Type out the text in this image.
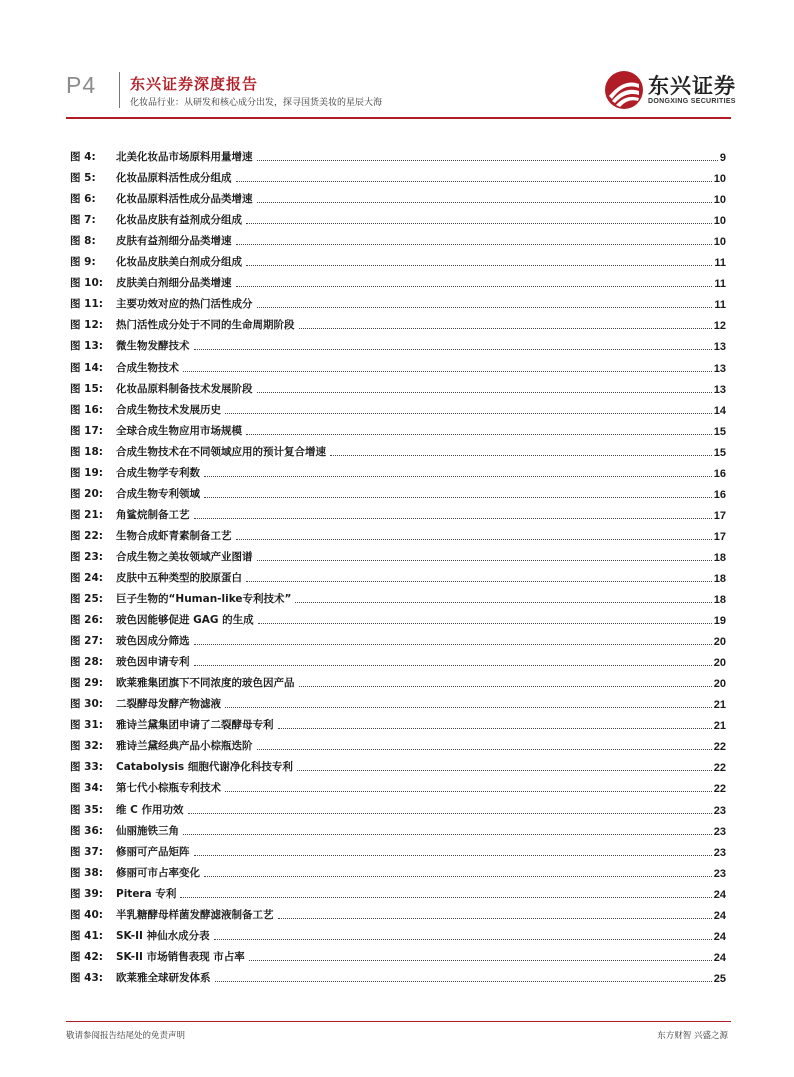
P4 东兴证券深度报告
化妆品行业：从研发和核心成分出发，探寻国货美妆的星辰大海
东兴证券
DONGXING SECURITIES
图 4:	北美化妆品市场原料用量增速	9
图 5:	化妆品原料活性成分组成	10
图 6:	化妆品原料活性成分品类增速	10
图 7:	化妆品皮肤有益剂成分组成	10
图 8:	皮肤有益剂细分品类增速	10
图 9:	化妆品皮肤美白剂成分组成	11
图 10:	皮肤美白剂细分品类增速	11
图 11:	主要功效对应的热门活性成分	11
图 12:	热门活性成分处于不同的生命周期阶段	12
图 13:	微生物发酵技术	13
图 14:	合成生物技术	13
图 15:	化妆品原料制备技术发展阶段	13
图 16:	合成生物技术发展历史	14
图 17:	全球合成生物应用市场规模	15
图 18:	合成生物技术在不同领域应用的预计复合增速	15
图 19:	合成生物学专利数	16
图 20:	合成生物专利领域	16
图 21:	角鲨烷制备工艺	17
图 22:	生物合成虾青素制备工艺	17
图 23:	合成生物之美妆领域产业图谱	18
图 24:	皮肤中五种类型的胶原蛋白	18
图 25:	巨子生物的“Human-like专利技术”	18
图 26:	玻色因能够促进 GAG 的生成	19
图 27:	玻色因成分筛选	20
图 28:	玻色因申请专利	20
图 29:	欧莱雅集团旗下不同浓度的玻色因产品	20
图 30:	二裂酵母发酵产物滤液	21
图 31:	雅诗兰黛集团申请了二裂酵母专利	21
图 32:	雅诗兰黛经典产品小棕瓶迭阶	22
图 33:	Catabolysis 细胞代谢净化科技专利	22
图 34:	第七代小棕瓶专利技术	22
图 35:	维 C 作用功效	23
图 36:	仙丽施铁三角	23
图 37:	修丽可产品矩阵	23
图 38:	修丽可市占率变化	23
图 39:	Pitera 专利	24
图 40:	半乳糖酵母样菌发酵滤液制备工艺	24
图 41:	SK-II 神仙水成分表	24
图 42:	SK-II 市场销售表现 市占率	24
图 43:	欧莱雅全球研发体系	25
敬请参阅报告结尾处的免责声明	东方财智 兴盛之源
